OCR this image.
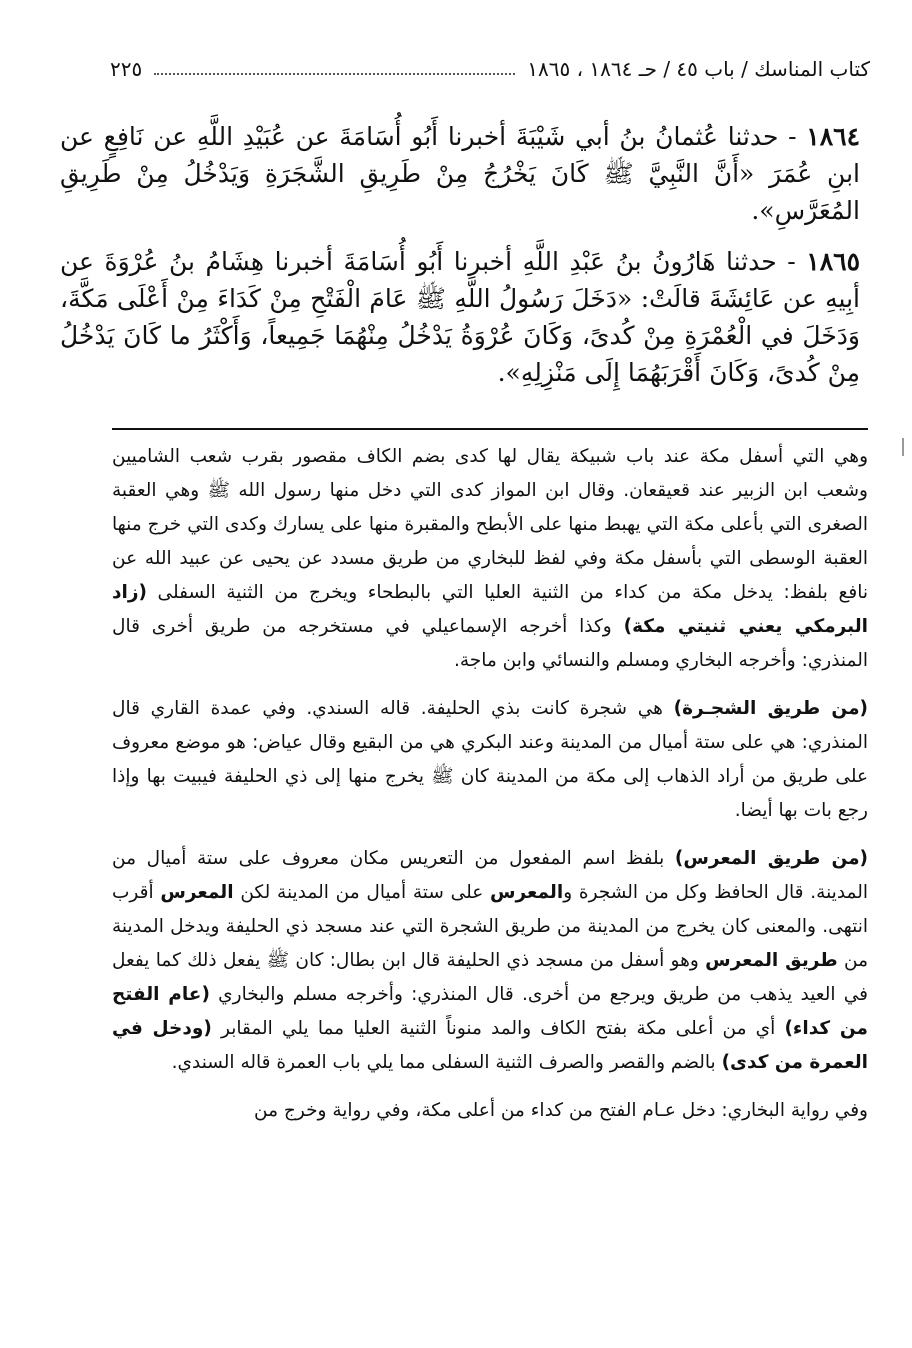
كتاب المناسك / باب ٤٥ / حـ ١٨٦٤ ، ١٨٦٥
٢٢٥

١٨٦٤ - حدثنا عُثمانُ بنُ أبي شَيْبَةَ أخبرنا أَبُو أُسَامَةَ عن عُبَيْدِ اللَّهِ عن نَافِعٍ عن ابنِ عُمَرَ «أَنَّ النَّبِيَّ ﷺ كَانَ يَخْرُجُ مِنْ طَرِيقِ الشَّجَرَةِ وَيَدْخُلُ مِنْ طَرِيقِ المُعَرَّسِ».

١٨٦٥ - حدثنا هَارُونُ بنُ عَبْدِ اللَّهِ أخبرنا أَبُو أُسَامَةَ أخبرنا هِشَامُ بنُ عُرْوَةَ عن أبِيهِ عن عَائِشَةَ قالَتْ: «دَخَلَ رَسُولُ اللَّهِ ﷺ عَامَ الْفَتْحِ مِنْ كَدَاءَ مِنْ أَعْلَى مَكَّةَ، وَدَخَلَ في الْعُمْرَةِ مِنْ كُدىً، وَكَانَ عُرْوَةُ يَدْخُلُ مِنْهُمَا جَمِيعاً، وَأَكْثَرُ ما كَانَ يَدْخُلُ مِنْ كُدىً، وَكَانَ أَقْرَبَهُمَا إِلَى مَنْزِلِهِ».

وهي التي أسفل مكة عند باب شبيكة يقال لها كدى بضم الكاف مقصور بقرب شعب الشاميين وشعب ابن الزبير عند قعيقعان. وقال ابن المواز كدى التي دخل منها رسول الله ﷺ وهي العقبة الصغرى التي بأعلى مكة التي يهبط منها على الأبطح والمقبرة منها على يسارك وكدى التي خرج منها العقبة الوسطى التي بأسفل مكة وفي لفظ للبخاري من طريق مسدد عن يحيى عن عبيد الله عن نافع بلفظ: يدخل مكة من كداء من الثنية العليا التي بالبطحاء ويخرج من الثنية السفلى (زاد البرمكي يعني ثنيتي مكة) وكذا أخرجه الإسماعيلي في مستخرجه من طريق أخرى قال المنذري: وأخرجه البخاري ومسلم والنسائي وابن ماجة.

(من طريق الشجـرة) هي شجرة كانت بذي الحليفة. قاله السندي. وفي عمدة القاري قال المنذري: هي على ستة أميال من المدينة وعند البكري هي من البقيع وقال عياض: هو موضع معروف على طريق من أراد الذهاب إلى مكة من المدينة كان ﷺ يخرج منها إلى ذي الحليفة فيبيت بها وإذا رجع بات بها أيضا.

(من طريق المعرس) بلفظ اسم المفعول من التعريس مكان معروف على ستة أميال من المدينة. قال الحافظ وكل من الشجرة والمعرس على ستة أميال من المدينة لكن المعرس أقرب انتهى. والمعنى كان يخرج من المدينة من طريق الشجرة التي عند مسجد ذي الحليفة ويدخل المدينة من طريق المعرس وهو أسفل من مسجد ذي الحليفة قال ابن بطال: كان ﷺ يفعل ذلك كما يفعل في العيد يذهب من طريق ويرجع من أخرى. قال المنذري: وأخرجه مسلم والبخاري (عام الفتح من كداء) أي من أعلى مكة بفتح الكاف والمد منوناً الثنية العليا مما يلي المقابر (ودخل في العمرة من كدى) بالضم والقصر والصرف الثنية السفلى مما يلي باب العمرة قاله السندي.

وفي رواية البخاري: دخل عـام الفتح من كداء من أعلى مكة، وفي رواية وخرج من
